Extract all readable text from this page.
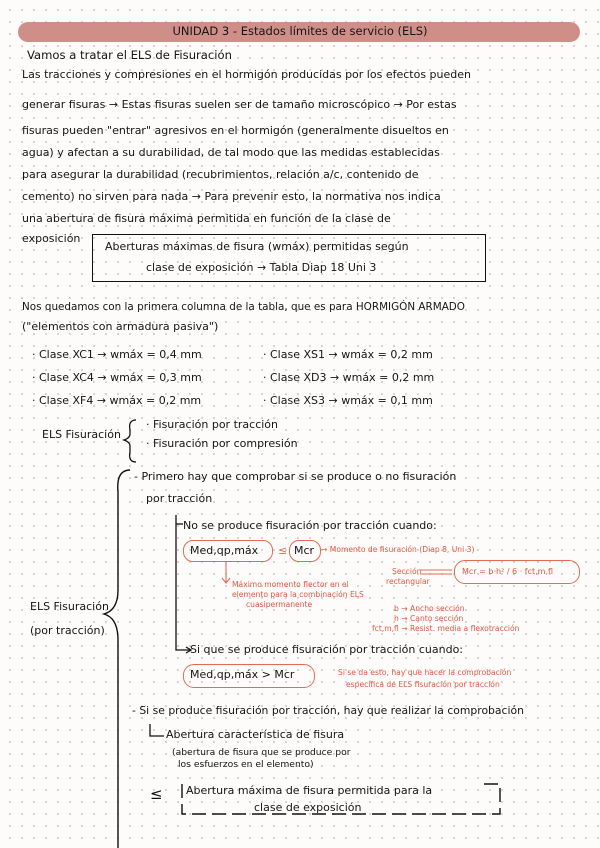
UNIDAD 3 - Estados límites de servicio (ELS)
Vamos a tratar el ELS de Fisuración
Las tracciones y compresiones en el hormigón producidas por los efectos pueden
generar fisuras → Estas fisuras suelen ser de tamaño microscópico → Por estas
fisuras pueden "entrar" agresivos en el hormigón (generalmente disueltos en
agua) y afectan a su durabilidad, de tal modo que las medidas establecidas
para asegurar la durabilidad (recubrimientos, relación a/c, contenido de
cemento) no sirven para nada → Para prevenir esto, la normativa nos indica
una abertura de fisura máxima permitida en función de la clase de
exposición
Aberturas máximas de fisura (wmáx) permitidas según
clase de exposición → Tabla Diap 18 Uni 3
Nos quedamos con la primera columna de la tabla, que es para HORMIGÓN ARMADO
("elementos con armadura pasiva")
· Clase XC1 → wmáx = 0,4 mm
· Clase XC4 → wmáx = 0,3 mm
· Clase XF4 → wmáx = 0,2 mm
· Clase XS1 → wmáx = 0,2 mm
· Clase XD3 → wmáx = 0,2 mm
· Clase XS3 → wmáx = 0,1 mm
ELS Fisuración
· Fisuración por tracción
· Fisuración por compresión
ELS Fisuración
(por tracción)
- Primero hay que comprobar si se produce o no fisuración
por tracción
No se produce fisuración por tracción cuando:
Med,qp,máx ≤ Mcr → Momento de fisuración (Diap 8, Uni 3)
Máximo momento flector en el
elemento para la combinación ELS
cuasipermanente
Sección
rectangular
Mcr = b·h² / 6 · fct,m,fl
b → Ancho sección
h → Canto sección
fct,m,fl → Resist. media a flexotracción
Si que se produce fisuración por tracción cuando:
Med,qp,máx > Mcr	Si se da esto, hay que hacer la comprobación
específica de ELS fisuración por tracción
- Si se produce fisuración por tracción, hay que realizar la comprobación
Abertura característica de fisura
(abertura de fisura que se produce por
los esfuerzos en el elemento)
≤ Abertura máxima de fisura permitida para la
clase de exposición
